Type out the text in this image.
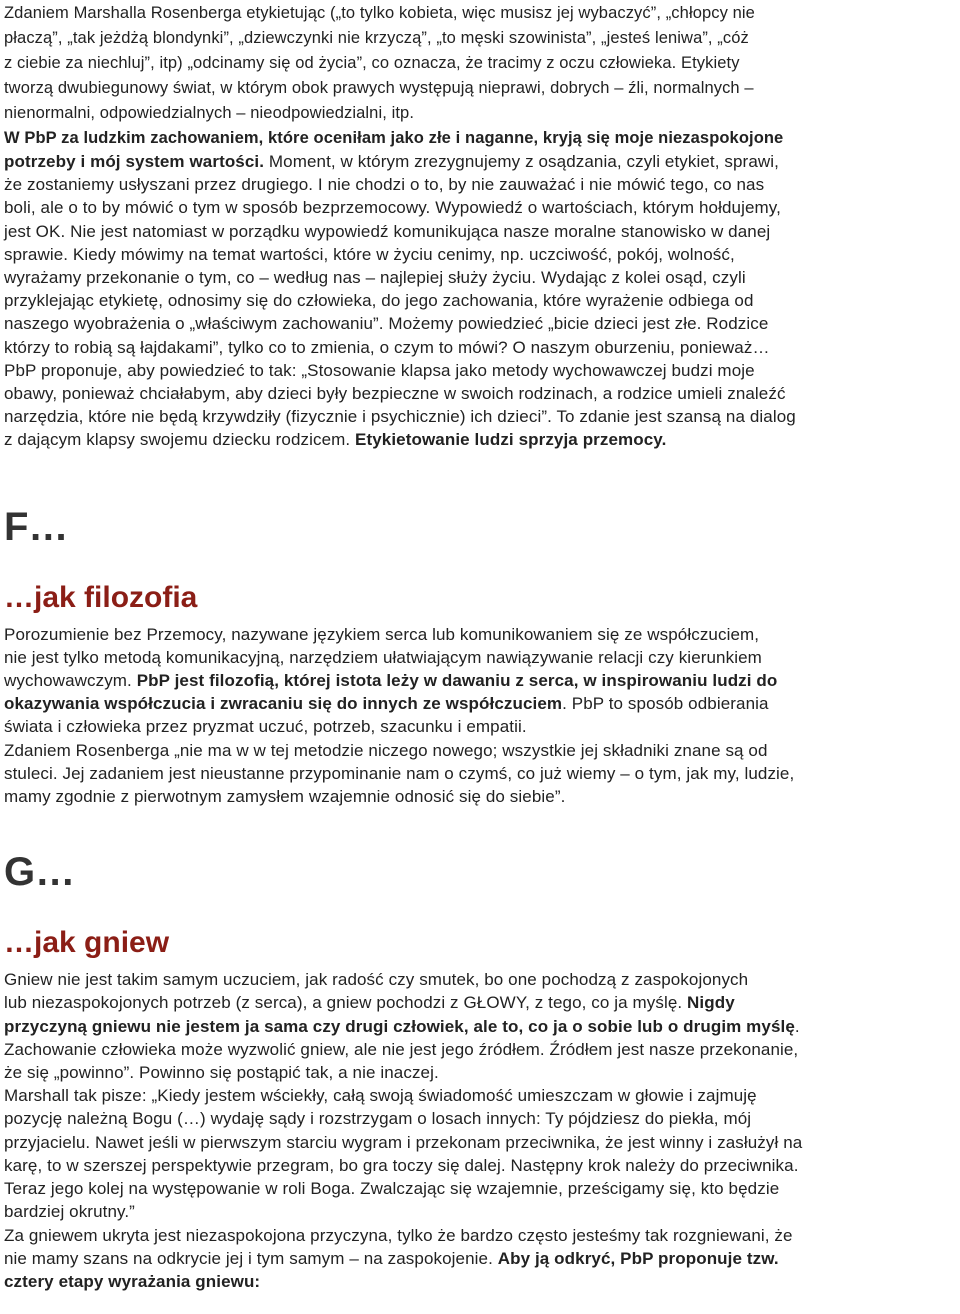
Zdaniem Marshalla Rosenberga etykietując („to tylko kobieta, więc musisz jej wybaczyć”, „chłopcy nie

płaczą”, „tak jeżdżą blondynki”, „dziewczynki nie krzyczą”, „to męski szowinista”, „jesteś leniwa”, „cóż

z ciebie za niechluj”, itp) „odcinamy się od życia”, co oznacza, że tracimy z oczu człowieka. Etykiety

tworzą dwubiegunowy świat, w którym obok prawych występują nieprawi, dobrych – źli, normalnych –

nienormalni, odpowiedzialnych – nieodpowiedzialni, itp.

W PbP za ludzkim zachowaniem, które oceniłam jako złe i naganne, kryją się moje niezaspokojone

potrzeby i mój system wartości. Moment, w którym zrezygnujemy z osądzania, czyli etykiet, sprawi,

że zostaniemy usłyszani przez drugiego. I nie chodzi o to, by nie zauważać i nie mówić tego, co nas

boli, ale o to by mówić o tym w sposób bezprzemocowy. Wypowiedź o wartościach, którym hołdujemy,

jest OK. Nie jest natomiast w porządku wypowiedź komunikująca nasze moralne stanowisko w danej

sprawie. Kiedy mówimy na temat wartości, które w życiu cenimy, np. uczciwość, pokój, wolność,

wyrażamy przekonanie o tym, co – według nas – najlepiej służy życiu. Wydając z kolei osąd, czyli

przyklejając etykietę, odnosimy się do człowieka, do jego zachowania, które wyrażenie odbiega od

naszego wyobrażenia o „właściwym zachowaniu”. Możemy powiedzieć „bicie dzieci jest złe. Rodzice

którzy to robią są łajdakami”, tylko co to zmienia, o czym to mówi? O naszym oburzeniu, ponieważ…

PbP proponuje, aby powiedzieć to tak: „Stosowanie klapsa jako metody wychowawczej budzi moje

obawy, ponieważ chciałabym, aby dzieci były bezpieczne w swoich rodzinach, a rodzice umieli znaleźć

narzędzia, które nie będą krzywdziły (fizycznie i psychicznie) ich dzieci”. To zdanie jest szansą na dialog

z dającym klapsy swojemu dziecku rodzicem. Etykietowanie ludzi sprzyja przemocy.

F…

…jak filozofia

Porozumienie bez Przemocy, nazywane językiem serca lub komunikowaniem się ze współczuciem,

nie jest tylko metodą komunikacyjną, narzędziem ułatwiającym nawiązywanie relacji czy kierunkiem

wychowawczym. PbP jest filozofią, której istota leży w dawaniu z serca, w inspirowaniu ludzi do

okazywania współczucia i zwracaniu się do innych ze współczuciem. PbP to sposób odbierania

świata i człowieka przez pryzmat uczuć, potrzeb, szacunku i empatii.

Zdaniem Rosenberga „nie ma w w tej metodzie niczego nowego; wszystkie jej składniki znane są od

stuleci. Jej zadaniem jest nieustanne przypominanie nam o czymś, co już wiemy – o tym, jak my, ludzie,

mamy zgodnie z pierwotnym zamysłem wzajemnie odnosić się do siebie”.

G…

…jak gniew

Gniew nie jest takim samym uczuciem, jak radość czy smutek, bo one pochodzą z zaspokojonych

lub niezaspokojonych potrzeb (z serca), a gniew pochodzi z GŁOWY, z tego, co ja myślę. Nigdy

przyczyną gniewu nie jestem ja sama czy drugi człowiek, ale to, co ja o sobie lub o drugim myślę.

Zachowanie człowieka może wyzwolić gniew, ale nie jest jego źródłem. Źródłem jest nasze przekonanie,

że się „powinno”. Powinno się postąpić tak, a nie inaczej.

Marshall tak pisze: „Kiedy jestem wściekły, całą swoją świadomość umieszczam w głowie i zajmuję

pozycję należną Bogu (…) wydaję sądy i rozstrzygam o losach innych: Ty pójdziesz do piekła, mój

przyjacielu. Nawet jeśli w pierwszym starciu wygram i przekonam przeciwnika, że jest winny i zasłużył na

karę, to w szerszej perspektywie przegram, bo gra toczy się dalej. Następny krok należy do przeciwnika.

Teraz jego kolej na występowanie w roli Boga. Zwalczając się wzajemnie, prześcigamy się, kto będzie

bardziej okrutny.”

Za gniewem ukryta jest niezaspokojona przyczyna, tylko że bardzo często jesteśmy tak rozgniewani, że

nie mamy szans na odkrycie jej i tym samym – na zaspokojenie. Aby ją odkryć, PbP proponuje tzw.

cztery etapy wyrażania gniewu:
